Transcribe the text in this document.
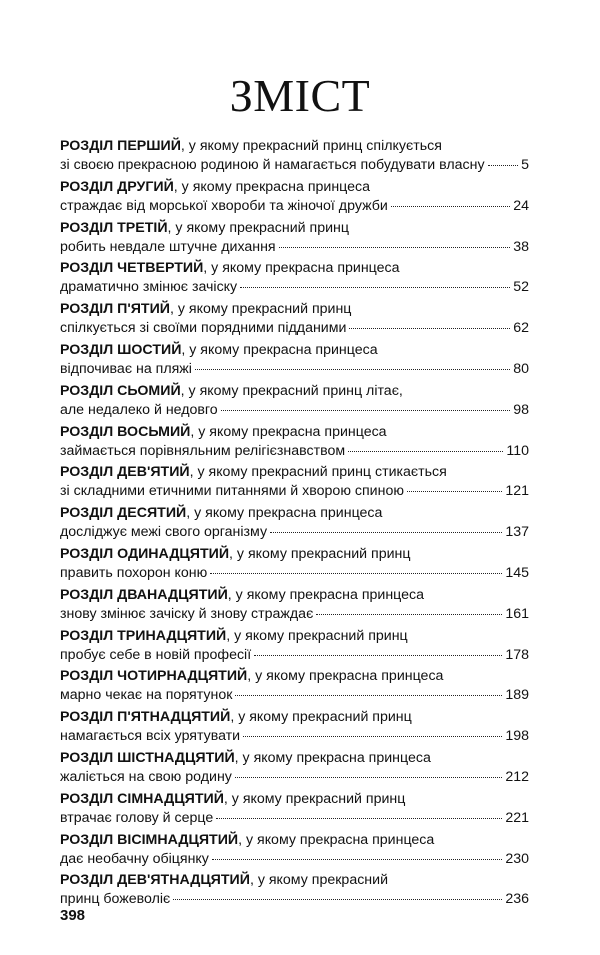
ЗМІСТ
РОЗДІЛ ПЕРШИЙ, у якому прекрасний принц спілкується
зі своєю прекрасною родиною й намагається побудувати власну	5
РОЗДІЛ ДРУГИЙ, у якому прекрасна принцеса
страждає від морської хвороби та жіночої дружби	24
РОЗДІЛ ТРЕТІЙ, у якому прекрасний принц
робить невдале штучне дихання	38
РОЗДІЛ ЧЕТВЕРТИЙ, у якому прекрасна принцеса
драматично змінює зачіску	52
РОЗДІЛ П'ЯТИЙ, у якому прекрасний принц
спілкується зі своїми порядними підданими	62
РОЗДІЛ ШОСТИЙ, у якому прекрасна принцеса
відпочиває на пляжі	80
РОЗДІЛ СЬОМИЙ, у якому прекрасний принц літає,
але недалеко й недовго	98
РОЗДІЛ ВОСЬМИЙ, у якому прекрасна принцеса
займається порівняльним релігієзнавством	110
РОЗДІЛ ДЕВ'ЯТИЙ, у якому прекрасний принц стикається
зі складними етичними питаннями й хворою спиною	121
РОЗДІЛ ДЕСЯТИЙ, у якому прекрасна принцеса
досліджує межі свого організму	137
РОЗДІЛ ОДИНАДЦЯТИЙ, у якому прекрасний принц
править похорон коню	145
РОЗДІЛ ДВАНАДЦЯТИЙ, у якому прекрасна принцеса
знову змінює зачіску й знову страждає	161
РОЗДІЛ ТРИНАДЦЯТИЙ, у якому прекрасний принц
пробує себе в новій професії	178
РОЗДІЛ ЧОТИРНАДЦЯТИЙ, у якому прекрасна принцеса
марно чекає на порятунок	189
РОЗДІЛ П'ЯТНАДЦЯТИЙ, у якому прекрасний принц
намагається всіх урятувати	198
РОЗДІЛ ШІСТНАДЦЯТИЙ, у якому прекрасна принцеса
жаліється на свою родину	212
РОЗДІЛ СІМНАДЦЯТИЙ, у якому прекрасний принц
втрачає голову й серце	221
РОЗДІЛ ВІСІМНАДЦЯТИЙ, у якому прекрасна принцеса
дає необачну обіцянку	230
РОЗДІЛ ДЕВ'ЯТНАДЦЯТИЙ, у якому прекрасний
принц божеволіє	236
398
